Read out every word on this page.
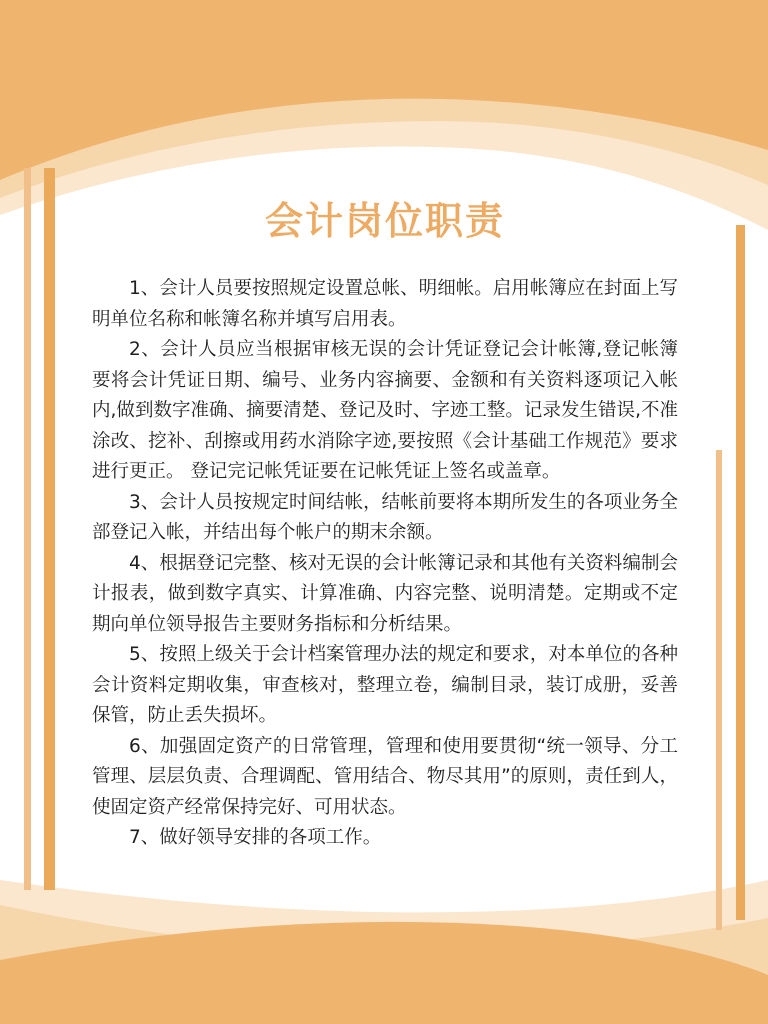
会计岗位职责

1、会计人员要按照规定设置总帐、明细帐。启用帐簿应在封面上写明单位名称和帐簿名称并填写启用表。

2、会计人员应当根据审核无误的会计凭证登记会计帐簿,登记帐簿要将会计凭证日期、编号、业务内容摘要、金额和有关资料逐项记入帐内,做到数字准确、摘要清楚、登记及时、字迹工整。记录发生错误,不准涂改、挖补、刮擦或用药水消除字迹,要按照《会计基础工作规范》要求进行更正。 登记完记帐凭证要在记帐凭证上签名或盖章。

3、会计人员按规定时间结帐，结帐前要将本期所发生的各项业务全部登记入帐，并结出每个帐户的期末余额。

4、根据登记完整、核对无误的会计帐簿记录和其他有关资料编制会计报表，做到数字真实、计算准确、内容完整、说明清楚。定期或不定期向单位领导报告主要财务指标和分析结果。

5、按照上级关于会计档案管理办法的规定和要求，对本单位的各种会计资料定期收集，审查核对，整理立卷，编制目录，装订成册，妥善保管，防止丢失损坏。

6、加强固定资产的日常管理，管理和使用要贯彻“统一领导、分工管理、层层负责、合理调配、管用结合、物尽其用”的原则，责任到人，使固定资产经常保持完好、可用状态。

7、做好领导安排的各项工作。
